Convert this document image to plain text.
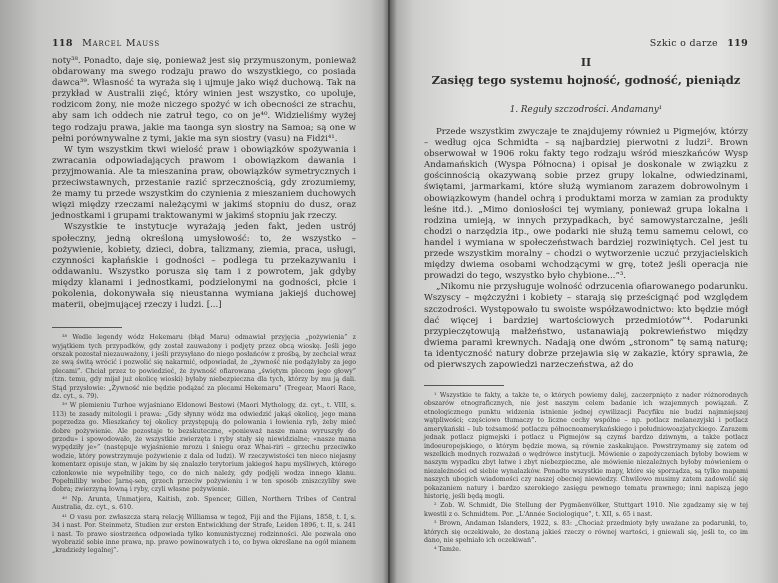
118 Marcel Mauss

noty³⁸. Ponadto, daje się, ponieważ jest się przymuszonym, ponieważ obdarowany ma swego rodzaju prawo do wszystkiego, co posiada dawca³⁹. Własność ta wyraża się i ujmuje jako więź duchową. Tak na przykład w Australii zięć, który winien jest wszystko, co upoluje, rodzicom żony, nie może niczego spożyć w ich obecności ze strachu, aby sam ich oddech nie zatruł tego, co on je⁴⁰. Widzieliśmy wyżej tego rodzaju prawa, jakie ma taonga syn siostry na Samoa; są one w pełni porównywalne z tymi, jakie ma syn siostry (vasu) na Fidżi⁴¹.

W tym wszystkim tkwi wielość praw i obowiązków spożywania i zwracania odpowiadających prawom i obowiązkom dawania i przyjmowania. Ale ta mieszanina praw, obowiązków symetrycznych i przeciwstawnych, przestanie razić sprzecznością, gdy zrozumiemy, że mamy tu przede wszystkim do czynienia z mieszaniem duchowych więzi między rzeczami należącymi w jakimś stopniu do dusz, oraz jednostkami i grupami traktowanymi w jakimś stopniu jak rzeczy.

Wszystkie te instytucje wyrażają jeden fakt, jeden ustrój społeczny, jedną określoną umysłowość: to, że wszystko – pożywienie, kobiety, dzieci, dobra, talizmany, ziemia, praca, usługi, czynności kapłańskie i godności – podlega tu przekazywaniu i oddawaniu. Wszystko porusza się tam i z powrotem, jak gdyby między klanami i jednostkami, podzielonymi na godności, płcie i pokolenia, dokonywała się nieustanna wymiana jakiejś duchowej materii, obejmującej rzeczy i ludzi. [...]

³⁸ Wedle legendy wódz Hekemaru (błąd Maru) odmawiał przyjęcia „pożywienia” z wyjątkiem tych przypadków, gdy został zauważony i podjęty przez obcą wioskę. Jeśli jego orszak pozostał niezauważony, i jeśli przysyłano do niego posłańców z prośbą, by zechciał wraz ze swą świtą wrócić i pozwolić się nakarmić, odpowiadał, że „żywność nie podążyłaby za jego plecami”. Chciał przez to powiedzieć, że żywność ofiarowana „świętym plecom jego głowy” (tzn. temu, gdy mijał już okolicę wioski) byłaby niebezpieczna dla tych, którzy by mu ją dali. Stąd przysłowie: „Żywność nie będzie podążać za plecami Hekemaru” (Tregear, Maori Race, dz. cyt., s. 79).

³⁹ W plemieniu Turhoe wyjaśniano Eldonowi Bestowi (Maori Mythology, dz. cyt., t. VIII, s. 113) te zasady mitologii i prawa: „Gdy słynny wódz ma odwiedzić jakąś okolicę, jego mana poprzedza go. Mieszkańcy tej okolicy przystępują do polowania i łowienia ryb, żeby mieć dobre pożywienie. Ale pozostaje to bezskuteczne, «ponieważ nasze mana wyruszyły do przodu» i spowodowało, że wszystkie zwierzęta i ryby stały się niewidzialne; «nasze mana wypędziły je»” (następuje wyjaśnienie mrozu i śniegu oraz Whai-riri – grzechu przeciwko wodzie, który powstrzymuje pożywienie z dala od ludzi). W rzeczywistości ten nieco niejasny komentarz opisuje stan, w jakim by się znalazło terytorium jakiegoś hapu myśliwych, którego członkowie nie wypełniliby tego, co do nich należy, gdy podjęli wodza innego klanu. Popełniliby wobec Jarnę-sen, grzech przeciw pożywieniu i w ten sposób zniszczyliby swe dobra; zwierzyną łowną i ryby, czyli własne pożywienie.

⁴⁰ Np. Arunta, Unmatjera, Kaitish, zob. Spencer, Gillen, Northern Tribes of Central Australia, dz. cyt., s. 610.

⁴¹ O vasu por. zwłaszcza starą relację Williamsa w tegoż, Fiji and the Fijians, 1858, t. I, s. 34 i nast. Por. Steinmetz, Studien zur ersten Entwicklung der Strafe, Leiden 1896, t. II, s. 241 i nast. To prawo siostrzeńca odpowiada tylko komunistycznej rodzinności. Ale pozwala ono wyobrazić sobie inne prawa, np. prawo powinowatych i to, co bywa określane na ogół mianem „kradzieży legalnej”.

Szkic o darze 119
II
Zasięg tego systemu hojność, godność, pieniądz
1. Reguły szczodrości. Andamany¹

Przede wszystkim zwyczaje te znajdujemy również u Pigmejów, którzy – według ojca Schmidta – są najbardziej pierwotni z ludzi². Brown obserwował w 1906 roku fakty tego rodzaju wśród mieszkańców Wysp Andamańskich (Wyspa Północna) i opisał je doskonale w związku z gościnnością okazywaną sobie przez grupy lokalne, odwiedzinami, świętami, jarmarkami, które służą wymianom zarazem dobrowolnym i obowiązkowym (handel ochrą i produktami morza w zamian za produkty leśne itd.). „Mimo doniosłości tej wymiany, ponieważ grupa lokalna i rodzina umieją, w innych przypadkach, być samowystarczalne, jeśli chodzi o narzędzia itp., owe podarki nie służą temu samemu celowi, co handel i wymiana w społeczeństwach bardziej rozwiniętych. Cel jest tu przede wszystkim moralny – chodzi o wytworzenie uczuć przyjacielskich między dwiema osobami wchodzącymi w grę, toteż jeśli operacja nie prowadzi do tego, wszystko było chybione...”³.

„Nikomu nie przysługuje wolność odrzucenia ofiarowanego podarunku. Wszyscy – mężczyźni i kobiety – starają się prześcignąć pod względem szczodrości. Występowało tu swoiste współzawodnictwo: kto będzie mógł dać więcej i bardziej wartościowych przedmiotów”⁴. Podarunki przypieczętowują małżeństwo, ustanawiają pokrewieństwo między dwiema parami krewnych. Nadają one dwóm „stronom” tę samą naturę; ta identyczność natury dobrze przejawia się w zakazie, który sprawia, że od pierwszych zapowiedzi narzeczeństwa, aż do

¹ Wszystkie te fakty, a także te, o których powiemy dalej, zaczerpnięto z nader różnorodnych obszarów etnograficznych, nie jest naszym celem badanie ich wzajemnych powiązań. Z etnologicznego punktu widzenia istnienie jednej cywilizacji Pacyfiku nie budzi najmniejszej wątpliwości; częściowo tłumaczy to liczne cechy wspólne – np. potlacz melanezyjski i potlacz amerykański – lub tożsamość potlaczu północnoamerykańskiego i południowoazjatyckiego. Zarazem jednak potlacz pigmejski i potlacz u Pigmejów są czymś bardzo dziwnym, a także potlacz indoeuropejskiego, o którym będzie mowa, są równie zaskakujące. Powstrzymamy się zatem od wszelkich modnych rozważań o wędrówce instytucji. Mówienie o zapożyczeniach byłoby bowiem w naszym wypadku zbyt łatwe i zbyt niebezpieczne, ale mówienie niezależnych byłoby mówieniem o niezależności od siebie wynalazków. Ponadto wszystkie mapy, które się sporządza, są tylko mapami naszych ubogich wiadomości czy naszej obecnej niewiedzy. Chwilowo musimy zatem zadowolić się pokazaniem natury i bardzo szerokiego zasięgu pewnego tematu prawnego; inni napiszą jego historię, jeśli będą mogli.

² Zob. W. Schmidt, Die Stellung der Pygmäenvölker, Stuttgart 1910. Nie zgadzamy się w tej kwestii z o. Schmidtem. Por. „L'Année Sociologique”, t. XII, s. 65 i nast.

³ Brown, Andaman Islanders, 1922, s. 83: „Chociaż przedmioty były uważane za podarunki, to, których się oczekiwało, że dostaną jakieś rzeczy o równej wartości, i gniewali się, jeśli to, co im dano, nie spełniało ich oczekiwań”.

⁴ Tamże.
